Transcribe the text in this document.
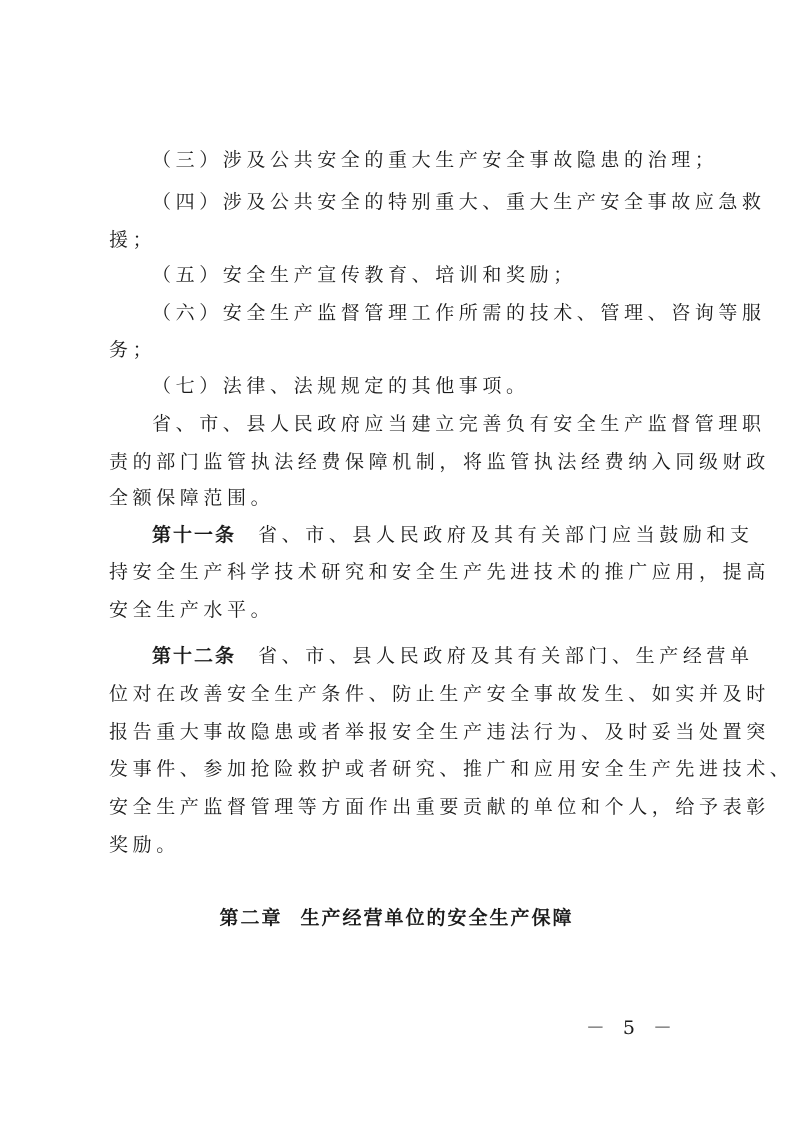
（三）涉及公共安全的重大生产安全事故隐患的治理；
（四）涉及公共安全的特别重大、重大生产安全事故应急救
援；
（五）安全生产宣传教育、培训和奖励；
（六）安全生产监督管理工作所需的技术、管理、咨询等服
务；
（七）法律、法规规定的其他事项。
省、市、县人民政府应当建立完善负有安全生产监督管理职
责的部门监管执法经费保障机制，将监管执法经费纳入同级财政
全额保障范围。
第十一条 省、市、县人民政府及其有关部门应当鼓励和支
持安全生产科学技术研究和安全生产先进技术的推广应用，提高
安全生产水平。
第十二条 省、市、县人民政府及其有关部门、生产经营单
位对在改善安全生产条件、防止生产安全事故发生、如实并及时
报告重大事故隐患或者举报安全生产违法行为、及时妥当处置突
发事件、参加抢险救护或者研究、推广和应用安全生产先进技术、
安全生产监督管理等方面作出重要贡献的单位和个人，给予表彰
奖励。
第二章 生产经营单位的安全生产保障
－ 5 －
